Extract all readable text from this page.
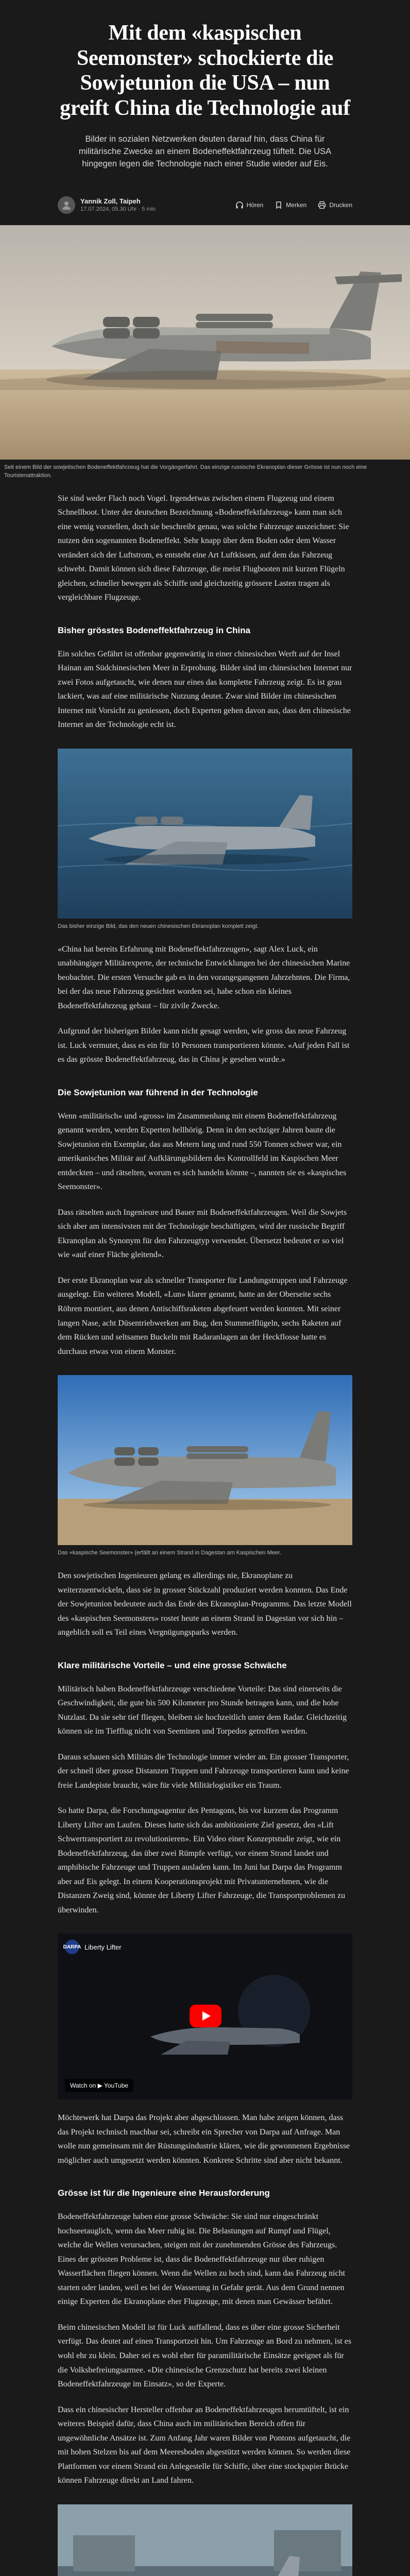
Mit dem «kaspischen Seemonster» schockierte die Sowjetunion die USA – nun greift China die Technologie auf

Bilder in sozialen Netzwerken deuten darauf hin, dass China für militärische Zwecke an einem Bodeneffektfahrzeug tüftelt. Die USA hingegen legen die Technologie nach einer Studie wieder auf Eis.

Yannik Zoll, Taipeh
17.07.2024, 05.30 Uhr · 5 min
Hören	Merken	Drucken
Seit einem Bild der sowjetischen Bodeneffektfahrzeug hat die Vorgängerfahrt. Das einzige russische Ekranoplan dieser Grösse ist nun noch eine Touristenattraktion.

Sie sind weder Flach noch Vogel. Irgendetwas zwischen einem Flugzeug und einem Schnellboot. Unter der deutschen Bezeichnung «Bodeneffektfahrzeug» kann man sich eine wenig vorstellen, doch sie beschreibt genau, was solche Fahrzeuge auszeichnet: Sie nutzen den sogenannten Bodeneffekt. Sehr knapp über dem Boden oder dem Wasser verändert sich der Luftstrom, es entsteht eine Art Luftkissen, auf dem das Fahrzeug schwebt. Damit können sich diese Fahrzeuge, die meist Flugbooten mit kurzen Flügeln gleichen, schneller bewegen als Schiffe und gleichzeitig grössere Lasten tragen als vergleichbare Flugzeuge.

Bisher grösstes Bodeneffektfahrzeug in China

Ein solches Gefährt ist offenbar gegenwärtig in einer chinesischen Werft auf der Insel Hainan am Südchinesischen Meer in Erprobung. Bilder sind im chinesischen Internet nur zwei Fotos aufgetaucht, wie denen nur eines das komplette Fahrzeug zeigt. Es ist grau lackiert, was auf eine militärische Nutzung deutet. Zwar sind Bilder im chinesischen Internet mit Vorsicht zu geniessen, doch Experten gehen davon aus, dass den chinesische Internet an der Technologie echt ist.

Das bisher einzige Bild, das den neuen chinesischen Ekranoplan komplett zeigt.
«China hat bereits Erfahrung mit Bodeneffektfahrzeugen», sagt Alex Luck, ein unabhängiger Militärexperte, der technische Entwicklungen bei der chinesischen Marine beobachtet. Die ersten Versuche gab es in den vorangegangenen Jahrzehnten. Die Firma, bei der das neue Fahrzeug gesichtet worden sei, habe schon ein kleines Bodeneffektfahrzeug gebaut – für zivile Zwecke.

Aufgrund der bisherigen Bilder kann nicht gesagt werden, wie gross das neue Fahrzeug ist. Luck vermutet, dass es ein für 10 Personen transportieren könnte. «Auf jeden Fall ist es das grösste Bodeneffektfahrzeug, das in China je gesehen wurde.»

Die Sowjetunion war führend in der Technologie

Wenn «militärisch» und «gross» im Zusammenhang mit einem Bodeneffektfahrzeug genannt werden, werden Experten hellhörig. Denn in den sechziger Jahren baute die Sowjetunion ein Exemplar, das aus Metern lang und rund 550 Tonnen schwer war, ein amerikanisches Militär auf Aufklärungsbildern des Kontrollfeld im Kaspischen Meer entdeckten – und rätselten, worum es sich handeln könnte –, nannten sie es «kaspisches Seemonster».

Dass rätselten auch Ingenieure und Bauer mit Bodeneffektfahrzeugen. Weil die Sowjets sich aber am intensivsten mit der Technologie beschäftigten, wird der russische Begriff Ekranoplan als Synonym für den Fahrzeugtyp verwendet. Übersetzt bedeutet er so viel wie «auf einer Fläche gleitend».

Der erste Ekranoplan war als schneller Transporter für Landungstruppen und Fahrzeuge ausgelegt. Ein weiteres Modell, «Lun» klarer genannt, hatte an der Oberseite sechs Röhren montiert, aus denen Antischiffsraketen abgefeuert werden konnten. Mit seiner langen Nase, acht Düsentriebwerken am Bug, den Stummelflügeln, sechs Raketen auf dem Rücken und seltsamen Buckeln mit Radaranlagen an der Heckflosse hatte es durchaus etwas von einem Monster.

Das «kaspische Seemonster» (erfällt an einem Strand in Dagestan am Kaspischen Meer.

Den sowjetischen Ingenieuren gelang es allerdings nie, Ekranoplane zu weiterzuentwickeln, dass sie in grosser Stückzahl produziert werden konnten. Das Ende der Sowjetunion bedeutete auch das Ende des Ekranoplan-Programms. Das letzte Modell des «kaspischen Seemonsters» rostet heute an einem Strand in Dagestan vor sich hin – angeblich soll es Teil eines Vergnügungsparks werden.

Klare militärische Vorteile – und eine grosse Schwäche

Militärisch haben Bodeneffektfahrzeuge verschiedene Vorteile: Das sind einerseits die Geschwindigkeit, die gute bis 500 Kilometer pro Stunde betragen kann, und die hohe Nutzlast. Da sie sehr tief fliegen, bleiben sie hochzeitlich unter dem Radar. Gleichzeitig können sie im Tiefflug nicht von Seeminen und Torpedos getroffen werden.

Daraus schauen sich Militärs die Technologie immer wieder an. Ein grosser Transporter, der schnell über grosse Distanzen Truppen und Fahrzeuge transportieren kann und keine freie Landepiste braucht, wäre für viele Militärlogistiker ein Traum.

So hatte Darpa, die Forschungsagentur des Pentagons, bis vor kurzem das Programm Liberty Lifter am Laufen. Dieses hatte sich das ambitionierte Ziel gesetzt, den «Lift Schwertransportiert zu revolutionieren». Ein Video einer Konzeptstudie zeigt, wie ein Bodeneffektfahrzeug, das über zwei Rümpfe verfügt, vor einem Strand landet und amphibische Fahrzeuge und Truppen ausladen kann. Im Juni hat Darpa das Programm aber auf Eis gelegt. In einem Kooperationsprojekt mit Privatunternehmen, wie die Distanzen Zweig sind, könnte der Liberty Lifter Fahrzeuge, die Transportproblemen zu überwinden.

DARPA Liberty Lifter
Watch on ▶ YouTube

Möchtewerk hat Darpa das Projekt aber abgeschlossen. Man habe zeigen können, dass das Projekt technisch machbar sei, schreibt ein Sprecher von Darpa auf Anfrage. Man wolle nun gemeinsam mit der Rüstungsindustrie klären, wie die gewonnenen Ergebnisse möglicher auch umgesetzt werden könnten. Konkrete Schritte sind aber nicht bekannt.

Grösse ist für die Ingenieure eine Herausforderung

Bodeneffektfahrzeuge haben eine grosse Schwäche: Sie sind nur eingeschränkt hochseetauglich, wenn das Meer ruhig ist. Die Belastungen auf Rumpf und Flügel, welche die Wellen verursachen, steigen mit der zunehmenden Grösse des Fahrzeugs. Eines der grössten Probleme ist, dass die Bodeneffektfahrzeuge nur über ruhigen Wasserflächen fliegen können. Wenn die Wellen zu hoch sind, kann das Fahrzeug nicht starten oder landen, weil es bei der Wasserung in Gefahr gerät. Aus dem Grund nennen einige Experten die Ekranoplane eher Flugzeuge, mit denen man Gewässer befährt.

Beim chinesischen Modell ist für Luck auffallend, dass es über eine grosse Sicherheit verfügt. Das deutet auf einen Transportzeit hin. Um Fahrzeuge an Bord zu nehmen, ist es wohl ehr zu klein. Daher sei es wohl eher für paramilitärische Einsätze geeignet als für die Volksbefreiungsarmee. «Die chinesische Grenzschutz hat bereits zwei kleinen Bodeneffektfahrzeuge im Einsatz», so der Experte.

Dass ein chinesischer Hersteller offenbar an Bodeneffektfahrzeugen herumtüftelt, ist ein weiteres Beispiel dafür, dass China auch im militärischen Bereich offen für ungewöhnliche Ansätze ist. Zum Anfang Jahr waren Bilder von Pontons aufgetaucht, die mit hohen Stelzen bis auf dem Meeresboden abgestützt werden können. So werden diese Plattformen vor einem Strand ein Anlegestelle für Schiffe, über eine stockpapier Brücke können Fahrzeuge direkt an Land fahren.
